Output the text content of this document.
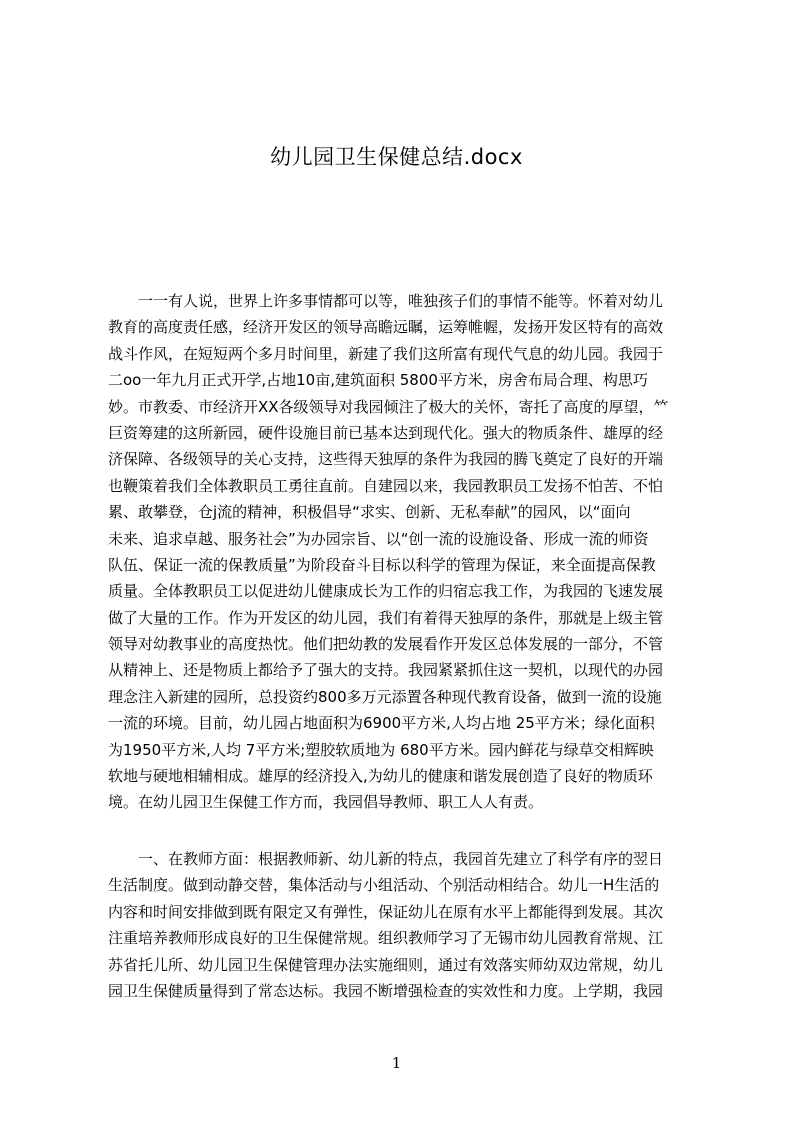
幼儿园卫生保健总结.docx
　　一一有人说，世界上许多事情都可以等，唯独孩子们的事情不能等。怀着对幼儿
教育的高度责任感，经济开发区的领导高瞻远瞩，运筹帷幄，发扬开发区特有的高效
战斗作风，在短短两个多月时间里，新建了我们这所富有现代气息的幼儿园。我园于
二oo一年九月正式开学,占地10亩,建筑面积 5800平方米，房舍布局合理、构思巧
妙。市教委、市经济开XX各级领导对我园倾注了极大的关怀，寄托了高度的厚望，𥫗
巨资筹建的这所新园，硬件设施目前已基本达到现代化。强大的物质条件、雄厚的经
济保障、各级领导的关心支持，这些得天独厚的条件为我园的腾飞奠定了良好的开端
也鞭策着我们全体教职员工勇往直前。自建园以来，我园教职员工发扬不怕苦、不怕
累、敢攀登，仓j流的精神，积极倡导“求实、创新、无私奉献”的园风，以“面向
未来、追求卓越、服务社会”为办园宗旨、以“创一流的设施设备、形成一流的师资
队伍、保证一流的保教质量”为阶段奋斗目标以科学的管理为保证，来全面提高保教
质量。全体教职员工以促进幼儿健康成长为工作的归宿忘我工作，为我园的飞速发展
做了大量的工作。作为开发区的幼儿园，我们有着得天独厚的条件，那就是上级主管
领导对幼教事业的高度热忱。他们把幼教的发展看作开发区总体发展的一部分，不管
从精神上、还是物质上都给予了强大的支持。我园紧紧抓住这一契机，以现代的办园
理念注入新建的园所，总投资约800多万元添置各种现代教育设备，做到一流的设施
一流的环境。目前，幼儿园占地面积为6900平方米,人均占地 25平方米；绿化面积
为1950平方米,人均 7平方米;塑胶软质地为 680平方米。园内鲜花与绿草交相辉映
软地与硬地相辅相成。雄厚的经济投入,为幼儿的健康和谐发展创造了良好的物质环
境。在幼儿园卫生保健工作方而，我园倡导教师、职工人人有责。
　　一、在教师方面：根据教师新、幼儿新的特点，我园首先建立了科学有序的翌日
生活制度。做到动静交替，集体活动与小组活动、个别活动相结合。幼儿一H生活的
内容和时间安排做到既有限定又有弹性，保证幼儿在原有水平上都能得到发展。其次
注重培养教师形成良好的卫生保健常规。组织教师学习了无锡市幼儿园教育常规、江
苏省托儿所、幼儿园卫生保健管理办法实施细则，通过有效落实师幼双边常规，幼儿
园卫生保健质量得到了常态达标。我园不断增强检查的实效性和力度。上学期，我园
1
